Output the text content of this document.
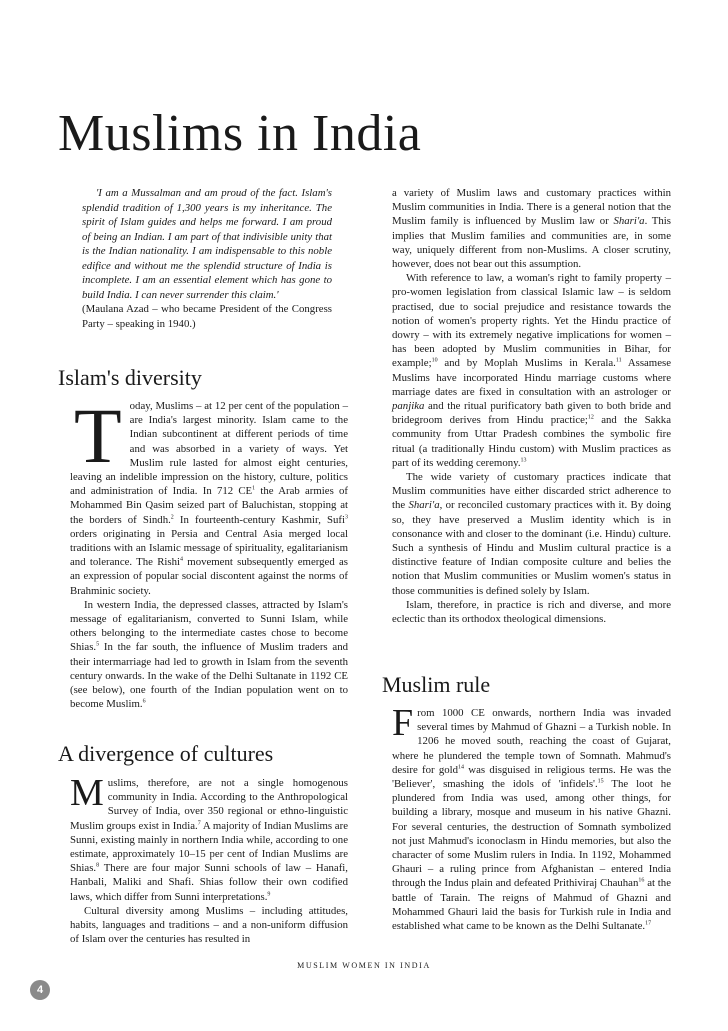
Muslims in India

'I am a Mussalman and am proud of the fact. Islam's splendid tradition of 1,300 years is my inheritance. The spirit of Islam guides and helps me forward. I am proud of being an Indian. I am part of that indivisible unity that is the Indian nationality. I am indispensable to this noble edifice and without me the splendid structure of India is incomplete. I am an essential element which has gone to build India. I can never surrender this claim.'

(Maulana Azad – who became President of the Congress Party – speaking in 1940.)

Islam's diversity

Today, Muslims – at 12 per cent of the population – are India's largest minority. Islam came to the Indian subcontinent at different periods of time and was absorbed in a variety of ways. Yet Muslim rule lasted for almost eight centuries, leaving an indelible impression on the history, culture, politics and administration of India. In 712 $CE^1$ the Arab armies of Mohammed Bin Qasim seized part of Baluchistan, stopping at the borders of Sindh.$^2$ In fourteenth-century Kashmir, Sufi$^3$ orders originating in Persia and Central Asia merged local traditions with an Islamic message of spirituality, egalitarianism and tolerance. The Rishi$^4$ movement subsequently emerged as an expression of popular social discontent against the norms of Brahminic society.

In western India, the depressed classes, attracted by Islam's message of egalitarianism, converted to Sunni Islam, while others belonging to the intermediate castes chose to become Shias.$^5$ In the far south, the influence of Muslim traders and their intermarriage had led to growth in Islam from the seventh century onwards. In the wake of the Delhi Sultanate in 1192 CE (see below), one fourth of the Indian population went on to become Muslim.$^6$

A divergence of cultures

Muslims, therefore, are not a single homogenous community in India. According to the Anthropological Survey of India, over 350 regional or ethno-linguistic Muslim groups exist in India.$^7$ A majority of Indian Muslims are Sunni, existing mainly in northern India while, according to one estimate, approximately 10–15 per cent of Indian Muslims are Shias.$^8$ There are four major Sunni schools of law – Hanafi, Hanbali, Maliki and Shafi. Shias follow their own codified laws, which differ from Sunni interpretations.$^9$

Cultural diversity among Muslims – including attitudes, habits, languages and traditions – and a non-uniform diffusion of Islam over the centuries has resulted in

a variety of Muslim laws and customary practices within Muslim communities in India. There is a general notion that the Muslim family is influenced by Muslim law or Shari'a. This implies that Muslim families and communities are, in some way, uniquely different from non-Muslims. A closer scrutiny, however, does not bear out this assumption.

With reference to law, a woman's right to family property – pro-women legislation from classical Islamic law – is seldom practised, due to social prejudice and resistance towards the notion of women's property rights. Yet the Hindu practice of dowry – with its extremely negative implications for women – has been adopted by Muslim communities in Bihar, for example;$^{10}$ and by Moplah Muslims in Kerala.$^{11}$ Assamese Muslims have incorporated Hindu marriage customs where marriage dates are fixed in consultation with an astrologer or panjika and the ritual purificatory bath given to both bride and bridegroom derives from Hindu practice;$^{12}$ and the Sakka community from Uttar Pradesh combines the symbolic fire ritual (a traditionally Hindu custom) with Muslim practices as part of its wedding ceremony.$^{13}$

The wide variety of customary practices indicate that Muslim communities have either discarded strict adherence to the Shari'a, or reconciled customary practices with it. By doing so, they have preserved a Muslim identity which is in consonance with and closer to the dominant (i.e. Hindu) culture. Such a synthesis of Hindu and Muslim cultural practice is a distinctive feature of Indian composite culture and belies the notion that Muslim communities or Muslim women's status in those communities is defined solely by Islam.

Islam, therefore, in practice is rich and diverse, and more eclectic than its orthodox theological dimensions.

Muslim rule

From 1000 CE onwards, northern India was invaded several times by Mahmud of Ghazni – a Turkish noble. In 1206 he moved south, reaching the coast of Gujarat, where he plundered the temple town of Somnath. Mahmud's desire for gold$^{14}$ was disguised in religious terms. He was the 'Believer', smashing the idols of 'infidels'.$^{15}$ The loot he plundered from India was used, among other things, for building a library, mosque and museum in his native Ghazni. For several centuries, the destruction of Somnath symbolized not just Mahmud's iconoclasm in Hindu memories, but also the character of some Muslim rulers in India. In 1192, Mohammed Ghauri – a ruling prince from Afghanistan – entered India through the Indus plain and defeated Prithiviraj Chauhan$^{16}$ at the battle of Tarain. The reigns of Mahmud of Ghazni and Mohammed Ghauri laid the basis for Turkish rule in India and established what came to be known as the Delhi Sultanate.$^{17}$

MUSLIM WOMEN IN INDIA
4
